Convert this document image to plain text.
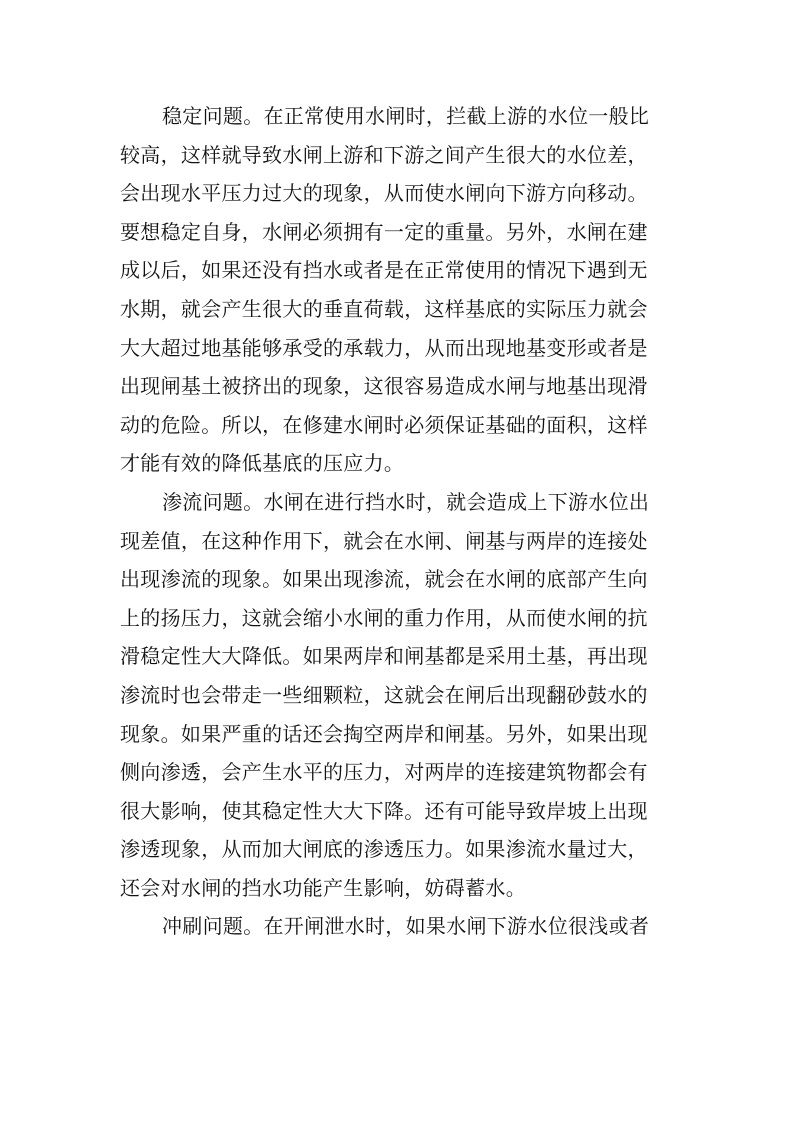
稳定问题。在正常使用水闸时，拦截上游的水位一般比
较高，这样就导致水闸上游和下游之间产生很大的水位差，
会出现水平压力过大的现象，从而使水闸向下游方向移动。
要想稳定自身，水闸必须拥有一定的重量。另外，水闸在建
成以后，如果还没有挡水或者是在正常使用的情况下遇到无
水期，就会产生很大的垂直荷载，这样基底的实际压力就会
大大超过地基能够承受的承载力，从而出现地基变形或者是
出现闸基土被挤出的现象，这很容易造成水闸与地基出现滑
动的危险。所以，在修建水闸时必须保证基础的面积，这样
才能有效的降低基底的压应力。
渗流问题。水闸在进行挡水时，就会造成上下游水位出
现差值，在这种作用下，就会在水闸、闸基与两岸的连接处
出现渗流的现象。如果出现渗流，就会在水闸的底部产生向
上的扬压力，这就会缩小水闸的重力作用，从而使水闸的抗
滑稳定性大大降低。如果两岸和闸基都是采用土基，再出现
渗流时也会带走一些细颗粒，这就会在闸后出现翻砂鼓水的
现象。如果严重的话还会掏空两岸和闸基。另外，如果出现
侧向渗透，会产生水平的压力，对两岸的连接建筑物都会有
很大影响，使其稳定性大大下降。还有可能导致岸坡上出现
渗透现象，从而加大闸底的渗透压力。如果渗流水量过大，
还会对水闸的挡水功能产生影响，妨碍蓄水。
冲刷问题。在开闸泄水时，如果水闸下游水位很浅或者
